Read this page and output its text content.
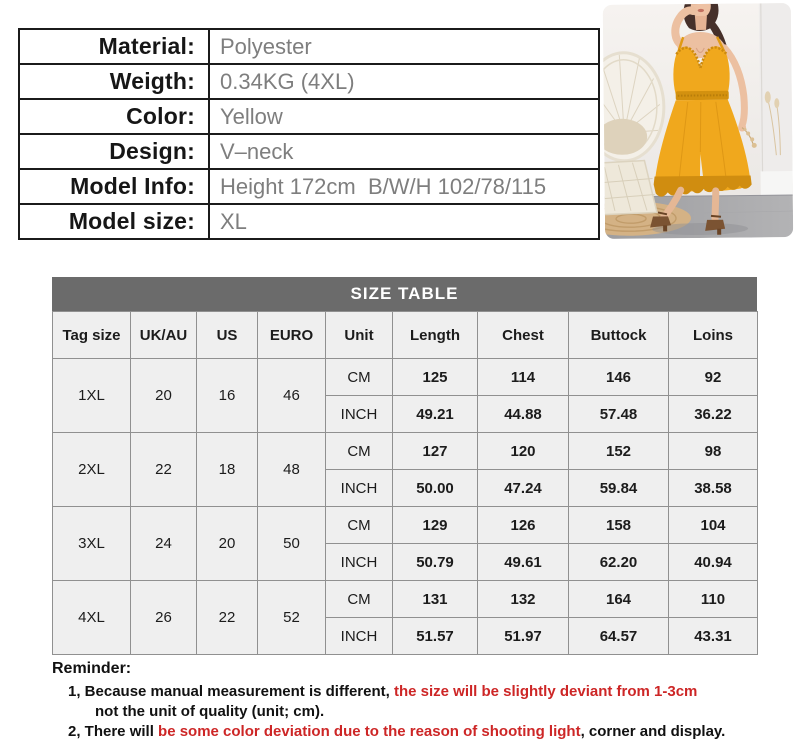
Material:	Polyester
Weigth:	0.34KG (4XL)
Color:	Yellow
Design:	V–neck
Model Info:	Height 172cm  B/W/H 102/78/115
Model size:	XL
SIZE TABLE
Tag size	UK/AU	US	EURO	Unit	Length	Chest	Buttock	Loins
1XL	20	16	46	CM	125	114	146	92
				INCH	49.21	44.88	57.48	36.22
2XL	22	18	48	CM	127	120	152	98
				INCH	50.00	47.24	59.84	38.58
3XL	24	20	50	CM	129	126	158	104
				INCH	50.79	49.61	62.20	40.94
4XL	26	22	52	CM	131	132	164	110
				INCH	51.57	51.97	64.57	43.31
Reminder:
1, Because manual measurement is different, the size will be slightly deviant from 1-3cm
not the unit of quality (unit; cm).
2, There will be some color deviation due to the reason of shooting light, corner and display.
